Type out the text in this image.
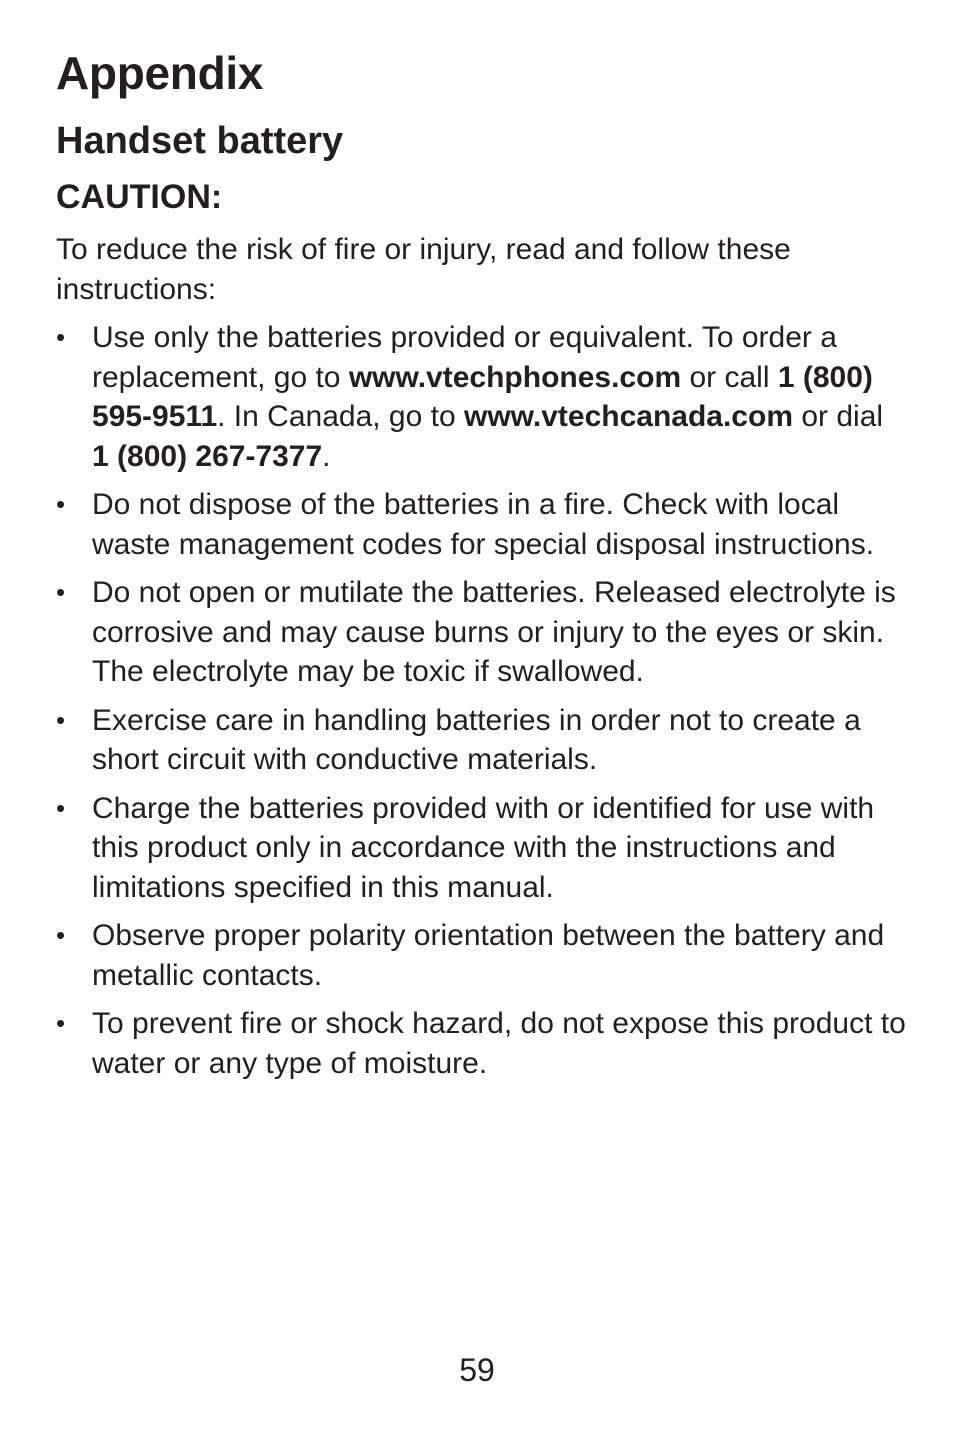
Appendix
Handset battery
CAUTION:

To reduce the risk of fire or injury, read and follow these instructions:

• Use only the batteries provided or equivalent. To order a replacement, go to www.vtechphones.com or call 1 (800) 595-9511. In Canada, go to www.vtechcanada.com or dial 1 (800) 267-7377.
• Do not dispose of the batteries in a fire. Check with local waste management codes for special disposal instructions.
• Do not open or mutilate the batteries. Released electrolyte is corrosive and may cause burns or injury to the eyes or skin. The electrolyte may be toxic if swallowed.
• Exercise care in handling batteries in order not to create a short circuit with conductive materials.
• Charge the batteries provided with or identified for use with this product only in accordance with the instructions and limitations specified in this manual.
• Observe proper polarity orientation between the battery and metallic contacts.
• To prevent fire or shock hazard, do not expose this product to water or any type of moisture.
59
